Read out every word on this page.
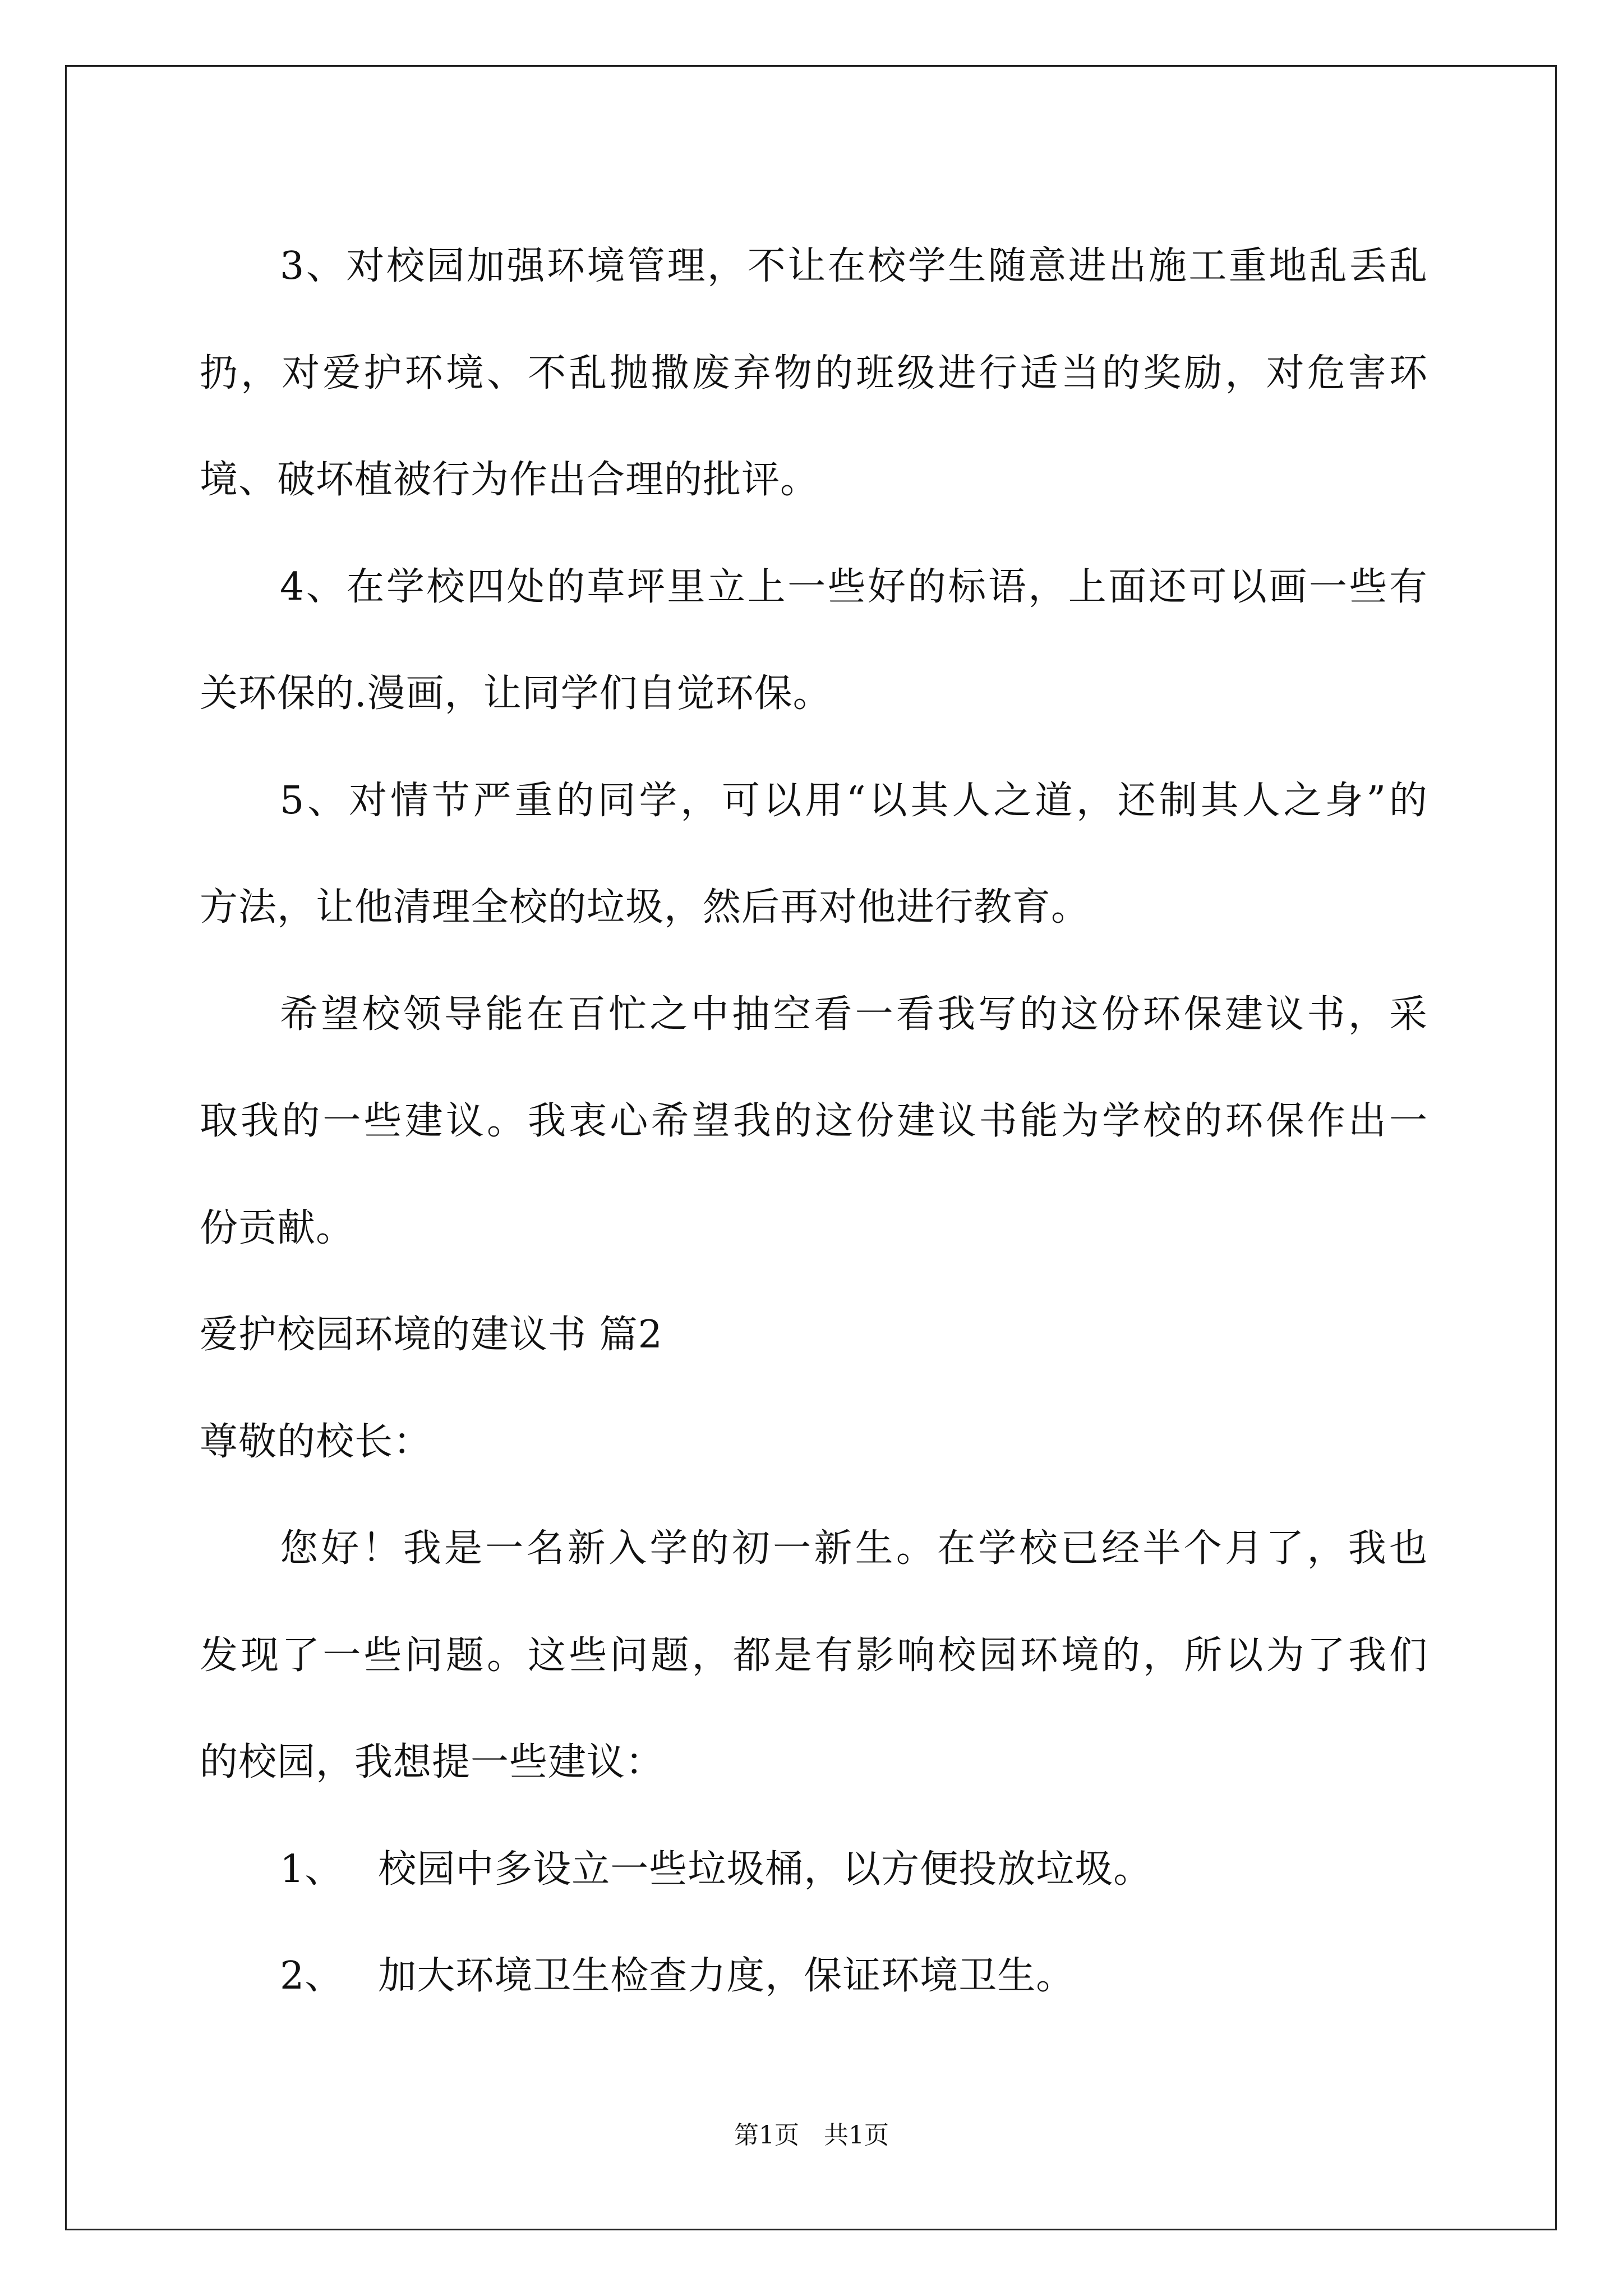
3、对校园加强环境管理，不让在校学生随意进出施工重地乱丢乱
扔，对爱护环境、不乱抛撒废弃物的班级进行适当的奖励，对危害环
境、破坏植被行为作出合理的批评。
4、在学校四处的草坪里立上一些好的标语，上面还可以画一些有
关环保的.漫画，让同学们自觉环保。
5、对情节严重的同学，可以用“以其人之道，还制其人之身”的
方法，让他清理全校的垃圾，然后再对他进行教育。
希望校领导能在百忙之中抽空看一看我写的这份环保建议书，采
取我的一些建议。我衷心希望我的这份建议书能为学校的环保作出一
份贡献。
爱护校园环境的建议书 篇2
尊敬的校长：
您好！我是一名新入学的初一新生。在学校已经半个月了，我也
发现了一些问题。这些问题，都是有影响校园环境的，所以为了我们
的校园，我想提一些建议：
1、 校园中多设立一些垃圾桶，以方便投放垃圾。
2、 加大环境卫生检查力度，保证环境卫生。
第1页 共1页
